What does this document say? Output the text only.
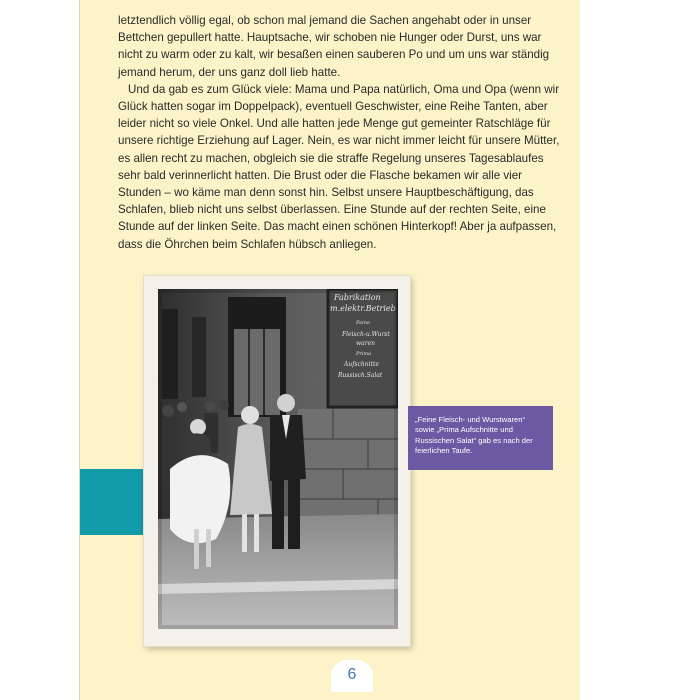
letztendlich völlig egal, ob schon mal jemand die Sachen angehabt oder in unser Bettchen gepullert hatte. Hauptsache, wir schoben nie Hunger oder Durst, uns war nicht zu warm oder zu kalt, wir besaßen einen sauberen Po und um uns war ständig jemand herum, der uns ganz doll lieb hatte.

Und da gab es zum Glück viele: Mama und Papa natürlich, Oma und Opa (wenn wir Glück hatten sogar im Doppelpack), eventuell Geschwister, eine Reihe Tanten, aber leider nicht so viele Onkel. Und alle hatten jede Menge gut gemeinter Ratschläge für unsere richtige Erziehung auf Lager. Nein, es war nicht immer leicht für unsere Mütter, es allen recht zu machen, obgleich sie die straffe Regelung unseres Tagesablaufes sehr bald verinnerlicht hatten. Die Brust oder die Flasche bekamen wir alle vier Stunden – wo käme man denn sonst hin. Selbst unsere Hauptbeschäftigung, das Schlafen, blieb nicht uns selbst überlassen. Eine Stunde auf der rechten Seite, eine Stunde auf der linken Seite. Das macht einen schönen Hinterkopf! Aber ja aufpassen, dass die Öhrchen beim Schlafen hübsch anliegen.

Fabrikation
m.elektr.Betrieb
Feine
Fleisch-u.Wurst
waren
Prima
Aufschnitte
Russisch.Salat
„Feine Fleisch- und Wurstwaren“ sowie „Prima Aufschnitte und Russischen Salat“ gab es nach der feierlichen Taufe.
6
